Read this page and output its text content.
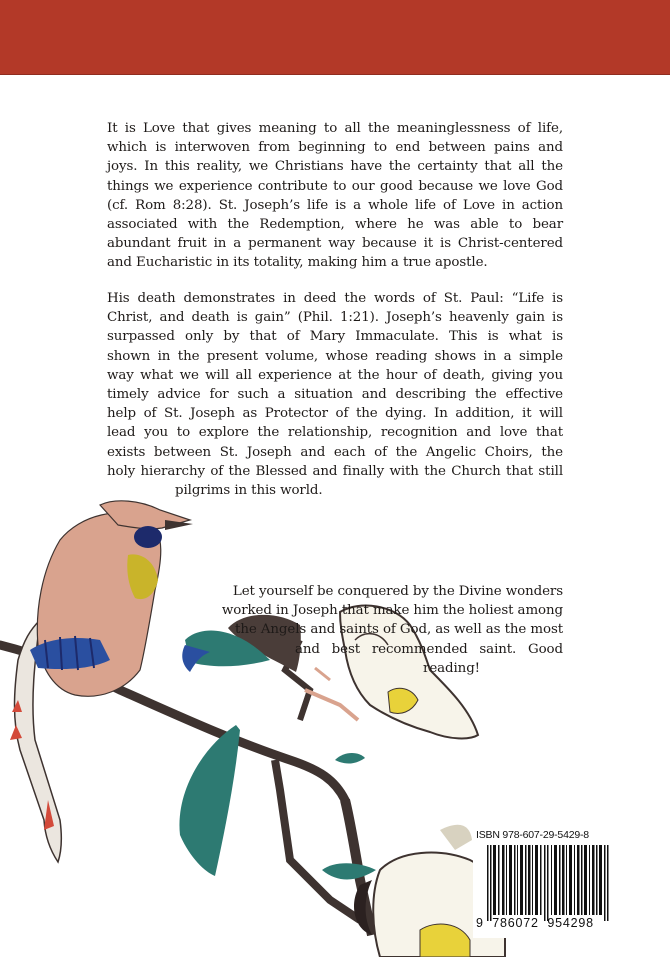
It is Love that gives meaning to all the meaninglessness of life,
which is interwoven from beginning to end between pains and
joys. In this reality, we Christians have the certainty that all the
things we experience contribute to our good because we love God
(cf. Rom 8:28). St. Joseph’s life is a whole life of Love in action
associated with the Redemption, where he was able to bear
abundant fruit in a permanent way because it is Christ-centered
and Eucharistic in its totality, making him a true apostle.
His death demonstrates in deed the words of St. Paul: “Life is
Christ, and death is gain” (Phil. 1:21). Joseph’s heavenly gain is
surpassed only by that of Mary Immaculate. This is what is
shown in the present volume, whose reading shows in a simple
way what we will all experience at the hour of death, giving you
timely advice for such a situation and describing the effective
help of St. Joseph as Protector of the dying. In addition, it will
lead you to explore the relationship, recognition and love that
exists between St. Joseph and each of the Angelic Choirs, the
holy hierarchy of the Blessed and finally with the Church that still
pilgrims in this world.
Let yourself be conquered by the Divine wonders
worked in Joseph that make him the holiest among
the Angels and saints of God, as well as the most
and best recommended saint. Good
reading!
ISBN 978-607-29-5429-8
9  786072  954298
